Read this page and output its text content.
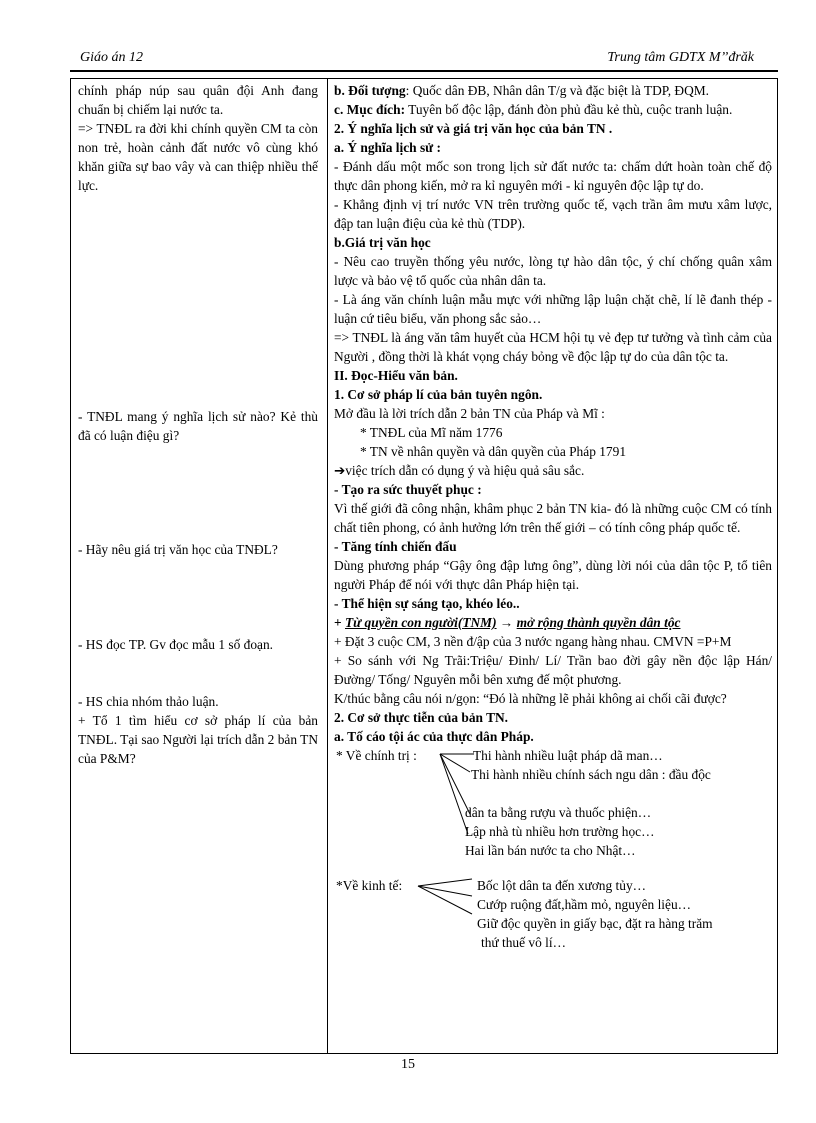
Giáo án 12	Trung tâm GDTX M’’đrăk

chính pháp núp sau quân đội Anh đang chuẩn bị chiếm lại nước ta.

=> TNĐL ra đời khi chính quyền CM ta còn non trẻ, hoàn cảnh đất nước vô cùng khó khăn giữa sự bao vây và can thiệp nhiều thế lực.

- TNĐL mang ý nghĩa lịch sử nào? Kẻ thù đã có luận điệu gì?

- Hãy nêu giá trị văn học của TNĐL?

- HS đọc TP. Gv đọc mẫu 1 số đoạn.

- HS chia nhóm thảo luận.

+ Tổ 1 tìm hiểu cơ sở pháp lí của bản TNĐL. Tại sao Người lại trích dẫn 2 bản TN của P&M?

b. Đối tượng: Quốc dân ĐB, Nhân dân T/g và đặc biệt là TDP, ĐQM.

c. Mục đích: Tuyên bố độc lập, đánh đòn phủ đầu kẻ thù, cuộc tranh luận.

2. Ý nghĩa lịch sử và giá trị văn học của bản TN .

a. Ý nghĩa lịch sử :

- Đánh dấu một mốc son trong lịch sử đất nước ta: chấm dứt hoàn toàn chế độ thực dân phong kiến, mở ra kỉ nguyên mới - kỉ nguyên độc lập tự do.

- Khẳng định vị trí nước VN trên trường quốc tế, vạch trần âm mưu xâm lược, đập tan luận điệu của kẻ thù (TDP).

b.Giá trị văn học

- Nêu cao truyền thống yêu nước, lòng tự hào dân tộc, ý chí chống quân xâm lược và bảo vệ tổ quốc của nhân dân ta.

- Là áng văn chính luận mẫu mực với những lập luận chặt chẽ, lí lẽ đanh thép - luận cứ tiêu biểu, văn phong sắc sảo…

=> TNĐL là áng văn tâm huyết của HCM hội tụ vẻ đẹp tư tưởng và tình cảm của Người , đồng thời là khát vọng cháy bỏng về độc lập tự do của dân tộc ta.

II. Đọc-Hiểu văn bản.

1. Cơ sở pháp lí của bản tuyên ngôn.

Mở đầu là lời trích dẫn 2 bản TN của Pháp và Mĩ :

* TNĐL của Mĩ năm 1776

* TN về nhân quyền và dân quyền của Pháp 1791

➔việc trích dẫn có dụng ý và hiệu quả sâu sắc.

- Tạo ra sức thuyết phục :

Vì thế giới đã công nhận, khâm phục 2 bản TN kia- đó là những cuộc CM có tính chất tiên phong, có ảnh hưởng lớn trên thế giới – có tính công pháp quốc tế.

- Tăng tính chiến đấu

Dùng phương pháp “Gậy ông đập lưng ông”, dùng lời nói của dân tộc P, tổ tiên người Pháp để nói với thực dân Pháp hiện tại.

- Thể hiện sự sáng tạo, khéo léo..

+ Từ quyền con người(TNM) → mở rộng thành quyền dân tộc

+ Đặt 3 cuộc CM, 3 nền đ/ập của 3 nước ngang hàng nhau. CMVN =P+M

+ So sánh với Ng Trãi:Triệu/ Đinh/ Lí/ Trần bao đời gây nền độc lập Hán/ Đường/ Tống/ Nguyên mỗi bên xưng đế một phương.

K/thúc bằng câu nói n/gọn: “Đó là những lẽ phải không ai chối cãi được?

2. Cơ sở thực tiễn của bản TN.

a. Tố cáo tội ác của thực dân Pháp.

* Về chính trị :	Thi hành nhiều luật pháp dã man…
Thi hành nhiều chính sách ngu dân : đầu độc
dân ta bằng rượu và thuốc phiện…
Lập nhà tù nhiều hơn trường học…
Hai lần bán nước ta cho Nhật…
*Về kinh tế:	Bốc lột dân ta đến xương tủy…
Cướp ruộng đất,hầm mỏ, nguyên liệu…
Giữ độc quyền in giấy bạc, đặt ra hàng trăm
thứ thuế vô lí…
15
